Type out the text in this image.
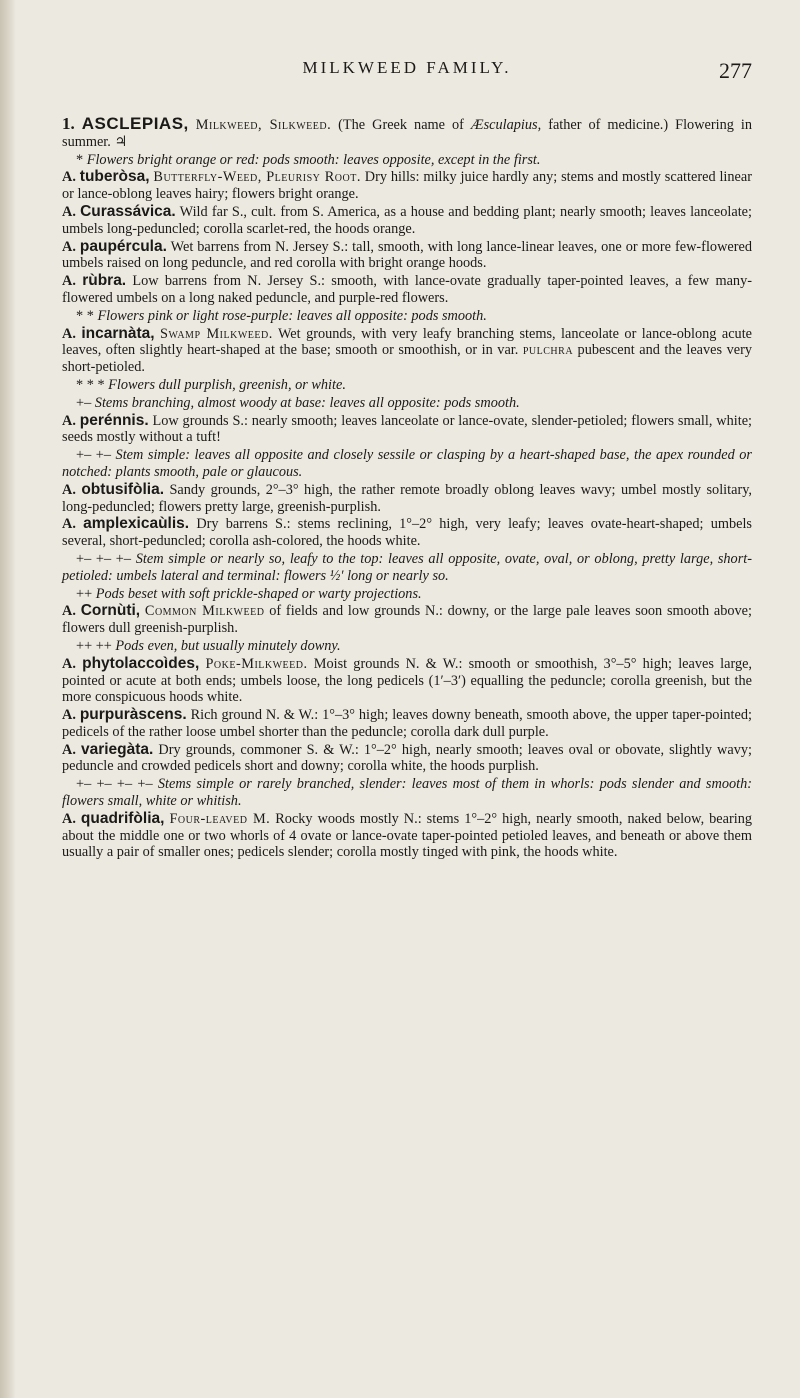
MILKWEED FAMILY.	277

1. ASCLEPIAS, Milkweed, Silkweed. (The Greek name of Æsculapius, father of medicine.) Flowering in summer. ♃

* Flowers bright orange or red: pods smooth: leaves opposite, except in the first.

A. tuberòsa, Butterfly-Weed, Pleurisy Root. Dry hills: milky juice hardly any; stems and mostly scattered linear or lance-oblong leaves hairy; flowers bright orange.

A. Curassávica. Wild far S., cult. from S. America, as a house and bedding plant; nearly smooth; leaves lanceolate; umbels long-peduncled; corolla scarlet-red, the hoods orange.

A. paupércula. Wet barrens from N. Jersey S.: tall, smooth, with long lance-linear leaves, one or more few-flowered umbels raised on long peduncle, and red corolla with bright orange hoods.

A. rùbra. Low barrens from N. Jersey S.: smooth, with lance-ovate gradually taper-pointed leaves, a few many-flowered umbels on a long naked peduncle, and purple-red flowers.

* * Flowers pink or light rose-purple: leaves all opposite: pods smooth.

A. incarnàta, Swamp Milkweed. Wet grounds, with very leafy branching stems, lanceolate or lance-oblong acute leaves, often slightly heart-shaped at the base; smooth or smoothish, or in var. pulchra pubescent and the leaves very short-petioled.

* * * Flowers dull purplish, greenish, or white.

+– Stems branching, almost woody at base: leaves all opposite: pods smooth.

A. perénnis. Low grounds S.: nearly smooth; leaves lanceolate or lance-ovate, slender-petioled; flowers small, white; seeds mostly without a tuft!

+– +– Stem simple: leaves all opposite and closely sessile or clasping by a heart-shaped base, the apex rounded or notched: plants smooth, pale or glaucous.

A. obtusifòlia. Sandy grounds, 2°–3° high, the rather remote broadly oblong leaves wavy; umbel mostly solitary, long-peduncled; flowers pretty large, greenish-purplish.

A. amplexicaùlis. Dry barrens S.: stems reclining, 1°–2° high, very leafy; leaves ovate-heart-shaped; umbels several, short-peduncled; corolla ash-colored, the hoods white.

+– +– +– Stem simple or nearly so, leafy to the top: leaves all opposite, ovate, oval, or oblong, pretty large, short-petioled: umbels lateral and terminal: flowers ½′ long or nearly so.

++ Pods beset with soft prickle-shaped or warty projections.

A. Cornùti, Common Milkweed of fields and low grounds N.: downy, or the large pale leaves soon smooth above; flowers dull greenish-purplish.

++ ++ Pods even, but usually minutely downy.

A. phytolaccoìdes, Poke-Milkweed. Moist grounds N. & W.: smooth or smoothish, 3°–5° high; leaves large, pointed or acute at both ends; umbels loose, the long pedicels (1′–3′) equalling the peduncle; corolla greenish, but the more conspicuous hoods white.

A. purpuràscens. Rich ground N. & W.: 1°–3° high; leaves downy beneath, smooth above, the upper taper-pointed; pedicels of the rather loose umbel shorter than the peduncle; corolla dark dull purple.

A. variegàta. Dry grounds, commoner S. & W.: 1°–2° high, nearly smooth; leaves oval or obovate, slightly wavy; peduncle and crowded pedicels short and downy; corolla white, the hoods purplish.

+– +– +– +– Stems simple or rarely branched, slender: leaves most of them in whorls: pods slender and smooth: flowers small, white or whitish.

A. quadrifòlia, Four-leaved M. Rocky woods mostly N.: stems 1°–2° high, nearly smooth, naked below, bearing about the middle one or two whorls of 4 ovate or lance-ovate taper-pointed petioled leaves, and beneath or above them usually a pair of smaller ones; pedicels slender; corolla mostly tinged with pink, the hoods white.
